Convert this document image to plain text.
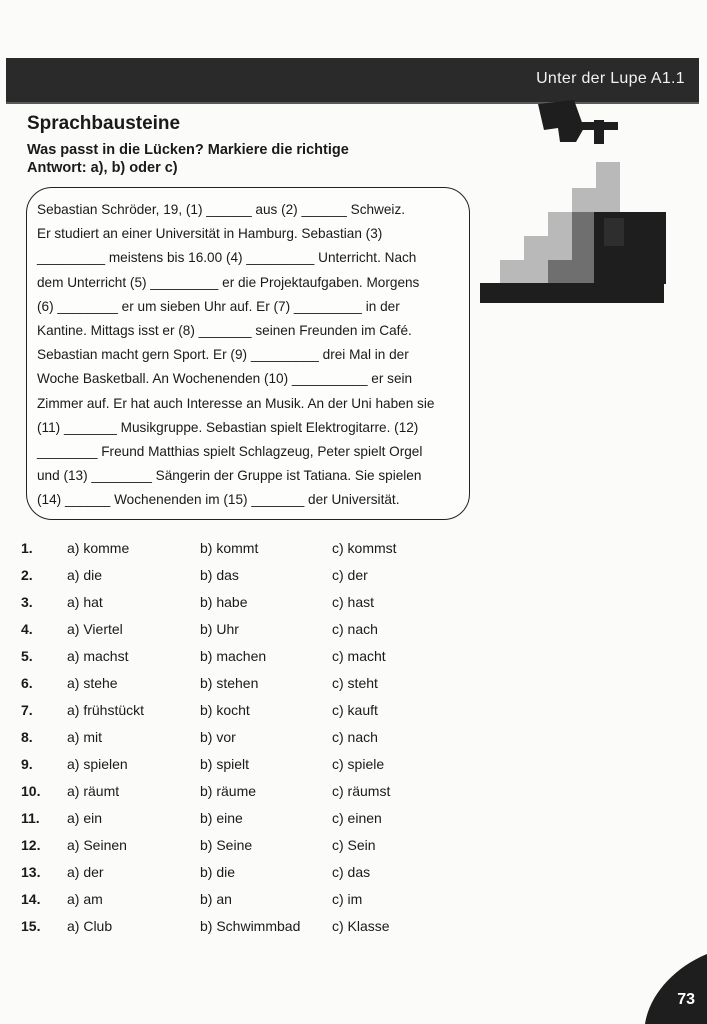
Unter der Lupe A1.1
Sprachbausteine

Was passt in die Lücken? Markiere die richtige
Antwort: a), b) oder c)

Sebastian Schröder, 19, (1) ______ aus (2) ______ Schweiz.
Er studiert an einer Universität in Hamburg. Sebastian (3)
_________ meistens bis 16.00 (4) _________ Unterricht. Nach
dem Unterricht (5) _________ er die Projektaufgaben. Morgens
(6) ________ er um sieben Uhr auf. Er (7) _________ in der
Kantine. Mittags isst er (8) _______ seinen Freunden im Café.
Sebastian macht gern Sport. Er (9) _________ drei Mal in der
Woche Basketball. An Wochenenden (10) __________ er sein
Zimmer auf. Er hat auch Interesse an Musik. An der Uni haben sie
(11) _______ Musikgruppe. Sebastian spielt Elektrogitarre. (12)
________ Freund Matthias spielt Schlagzeug, Peter spielt Orgel
und (13) ________ Sängerin der Gruppe ist Tatiana. Sie spielen
(14) ______ Wochenenden im (15) _______ der Universität.
1. a) komme	b) kommt	c) kommst
2. a) die	b) das	c) der
3. a) hat	b) habe	c) hast
4. a) Viertel	b) Uhr	c) nach
5. a) machst	b) machen	c) macht
6. a) stehe	b) stehen	c) steht
7. a) frühstückt	b) kocht	c) kauft
8. a) mit	b) vor	c) nach
9. a) spielen	b) spielt	c) spiele
10. a) räumt	b) räume	c) räumst
11. a) ein	b) eine	c) einen
12. a) Seinen	b) Seine	c) Sein
13. a) der	b) die	c) das
14. a) am	b) an	c) im
15. a) Club	b) Schwimmbad c) Klasse
73
